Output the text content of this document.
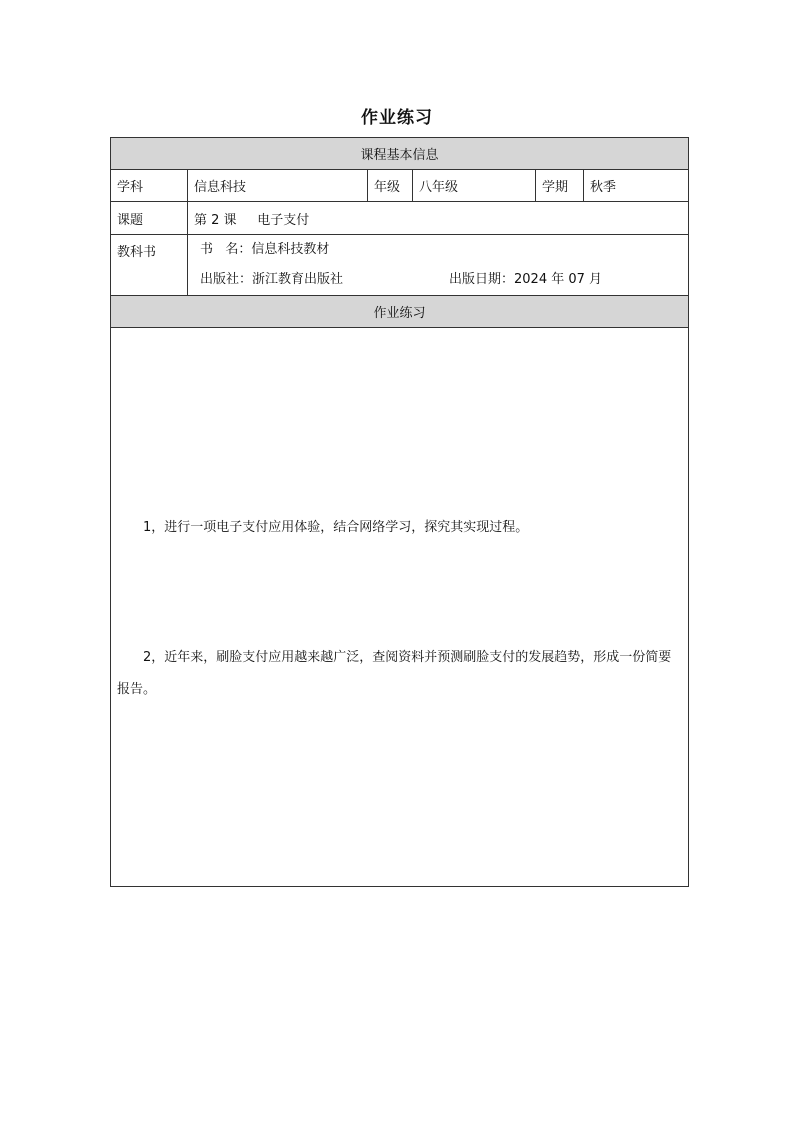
作业练习
课程基本信息					
学科	信息科技	年级	八年级	学期	秋季
课题	第 2 课     电子支付				
教科书	书   名：信息科技教材
出版社：浙江教育出版社 出版日期：2024 年 07 月				

作业练习					

1，进行一项电子支付应用体验，结合网络学习，探究其实现过程。

2，近年来，刷脸支付应用越来越广泛，查阅资料并预测刷脸支付的发展趋势，形成一份简要报告。					
